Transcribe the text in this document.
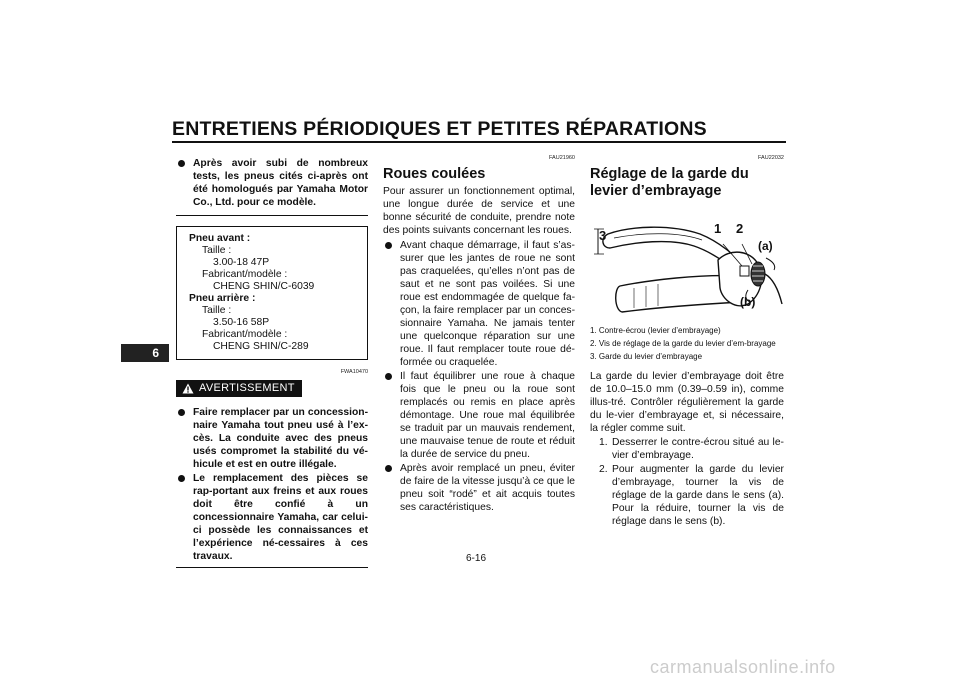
ENTRETIENS PÉRIODIQUES ET PETITES RÉPARATIONS
6
Après avoir subi de nombreux tests, les pneus cités ci-après ont été homologués par Yamaha Motor Co., Ltd. pour ce modèle.
Pneu avant :
Taille :
3.00-18 47P
Fabricant/modèle :
CHENG SHIN/C-6039
Pneu arrière :
Taille :
3.50-16 58P
Fabricant/modèle :
CHENG SHIN/C-289
FWA10470
AVERTISSEMENT
Faire remplacer par un concession-naire Yamaha tout pneu usé à l’ex-cès. La conduite avec des pneus usés compromet la stabilité du vé-hicule et est en outre illégale.
Le remplacement des pièces se rap-portant aux freins et aux roues doit être confié à un concessionnaire Yamaha, car celui-ci possède les connaissances et l’expérience né-cessaires à ces travaux.
FAU21960
Roues coulées
Pour assurer un fonctionnement optimal, une longue durée de service et une bonne sécurité de conduite, prendre note des points suivants concernant les roues.
Avant chaque démarrage, il faut s’as-surer que les jantes de roue ne sont pas craquelées, qu’elles n’ont pas de saut et ne sont pas voilées. Si une roue est endommagée de quelque fa-çon, la faire remplacer par un conces-sionnaire Yamaha. Ne jamais tenter une quelconque réparation sur une roue. Il faut remplacer toute roue dé-formée ou craquelée.
Il faut équilibrer une roue à chaque fois que le pneu ou la roue sont remplacés ou remis en place après démontage. Une roue mal équilibrée se traduit par un mauvais rendement, une mauvaise tenue de route et réduit la durée de service du pneu.
Après avoir remplacé un pneu, éviter de faire de la vitesse jusqu’à ce que le pneu soit “rodé” et ait acquis toutes ses caractéristiques.
FAU22032
Réglage de la garde du levier d’embrayage
3	1 2
(a)
(b)
1. Contre-écrou (levier d’embrayage)
2. Vis de réglage de la garde du levier d’em-brayage
3. Garde du levier d’embrayage
La garde du levier d’embrayage doit être de 10.0–15.0 mm (0.39–0.59 in), comme illus-tré. Contrôler régulièrement la garde du le-vier d’embrayage et, si nécessaire, la régler comme suit.
1. Desserrer le contre-écrou situé au le-vier d’embrayage.
2. Pour augmenter la garde du levier d’embrayage, tourner la vis de réglage de la garde dans le sens (a). Pour la réduire, tourner la vis de réglage dans le sens (b).
6-16
carmanualsonline.info
